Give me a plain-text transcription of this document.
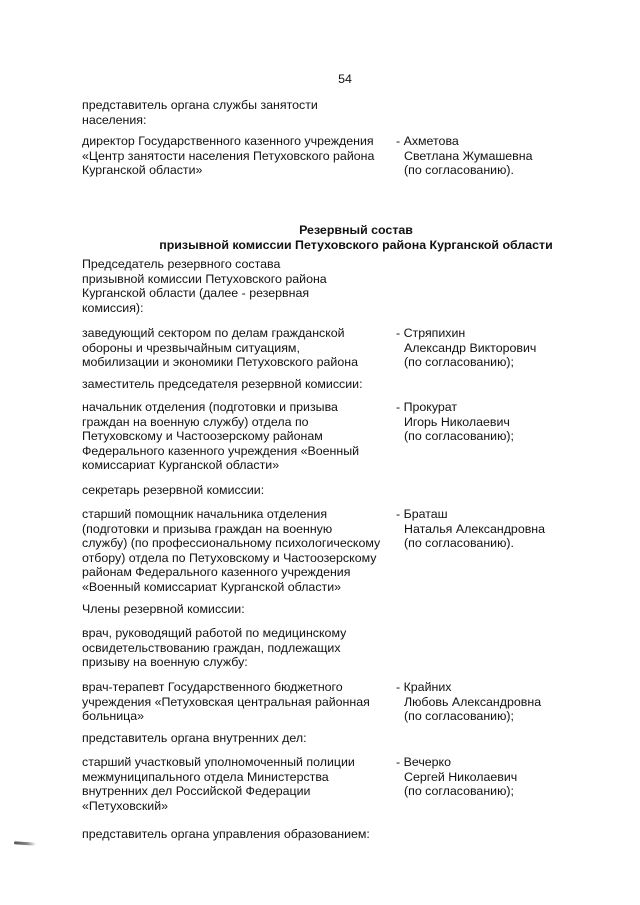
54
представитель органа службы занятости
населения:
директор Государственного казенного учреждения
«Центр занятости населения Петуховского района
Курганской области»
- Ахметова
Светлана Жумашевна
(по согласованию).
Резервный состав
призывной комиссии Петуховского района Курганской области
Председатель резервного состава
призывной комиссии Петуховского района
Курганской области (далее - резервная
комиссия):
заведующий сектором по делам гражданской
обороны и чрезвычайным ситуациям,
мобилизации и экономики Петуховского района
- Стряпихин
Александр Викторович
(по согласованию);
заместитель председателя резервной комиссии:
начальник отделения (подготовки и призыва
граждан на военную службу) отдела по
Петуховскому и Частоозерскому районам
Федерального казенного учреждения «Военный
комиссариат Курганской области»
- Прокурат
Игорь Николаевич
(по согласованию);
секретарь резервной комиссии:
старший помощник начальника отделения
(подготовки и призыва граждан на военную
службу) (по профессиональному психологическому
отбору) отдела по Петуховскому и Частоозерскому
районам Федерального казенного учреждения
«Военный комиссариат Курганской области»
- Браташ
Наталья Александровна
(по согласованию).
Члены резервной комиссии:
врач, руководящий работой по медицинскому
освидетельствованию граждан, подлежащих
призыву на военную службу:
врач-терапевт Государственного бюджетного
учреждения «Петуховская центральная районная
больница»
- Крайних
Любовь Александровна
(по согласованию);
представитель органа внутренних дел:
старший участковый уполномоченный полиции
межмуниципального отдела Министерства
внутренних дел Российской Федерации
«Петуховский»
- Вечерко
Сергей Николаевич
(по согласованию);
представитель органа управления образованием:
